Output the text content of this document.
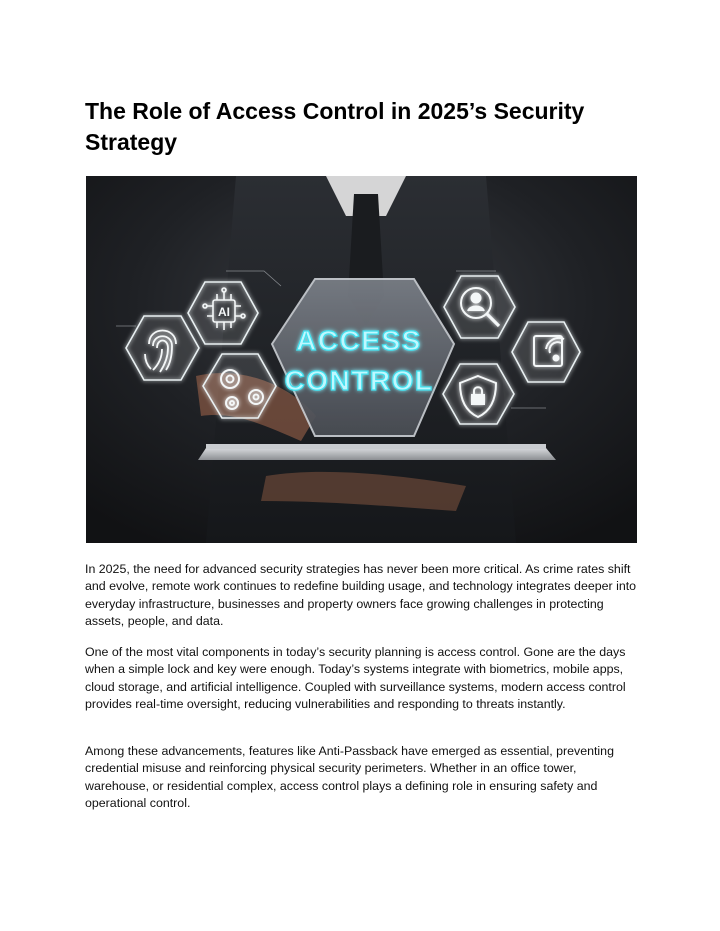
The Role of Access Control in 2025’s Security Strategy
ACCESS
CONTROL
AI

In 2025, the need for advanced security strategies has never been more critical. As crime rates shift and evolve, remote work continues to redefine building usage, and technology integrates deeper into everyday infrastructure, businesses and property owners face growing challenges in protecting assets, people, and data.

One of the most vital components in today’s security planning is access control. Gone are the days when a simple lock and key were enough. Today’s systems integrate with biometrics, mobile apps, cloud storage, and artificial intelligence. Coupled with surveillance systems, modern access control provides real-time oversight, reducing vulnerabilities and responding to threats instantly.

Among these advancements, features like Anti-Passback have emerged as essential, preventing credential misuse and reinforcing physical security perimeters. Whether in an office tower, warehouse, or residential complex, access control plays a defining role in ensuring safety and operational control.
